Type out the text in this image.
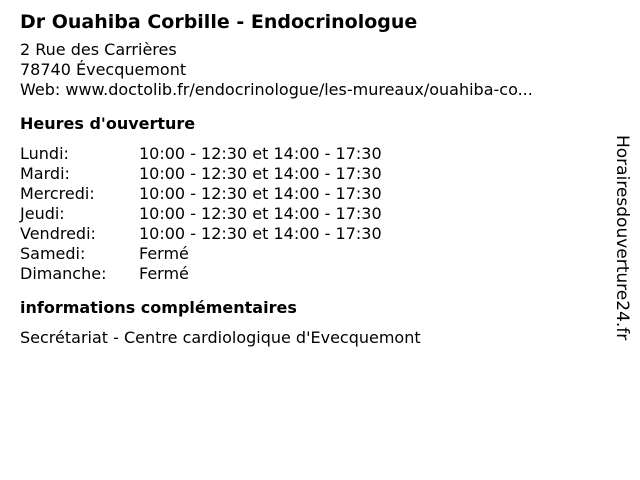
Dr Ouahiba Corbille - Endocrinologue
2 Rue des Carrières
78740 Évecquemont
Web: www.doctolib.fr/endocrinologue/les-mureaux/ouahiba-co...
Heures d'ouverture
Lundi:	10:00 - 12:30 et 14:00 - 17:30
Mardi:	10:00 - 12:30 et 14:00 - 17:30
Mercredi:	10:00 - 12:30 et 14:00 - 17:30
Jeudi:	10:00 - 12:30 et 14:00 - 17:30
Vendredi:	10:00 - 12:30 et 14:00 - 17:30
Samedi:	Fermé
Dimanche:	Fermé
informations complémentaires
Secrétariat - Centre cardiologique d'Evecquemont	Horairesdouverture24.fr
